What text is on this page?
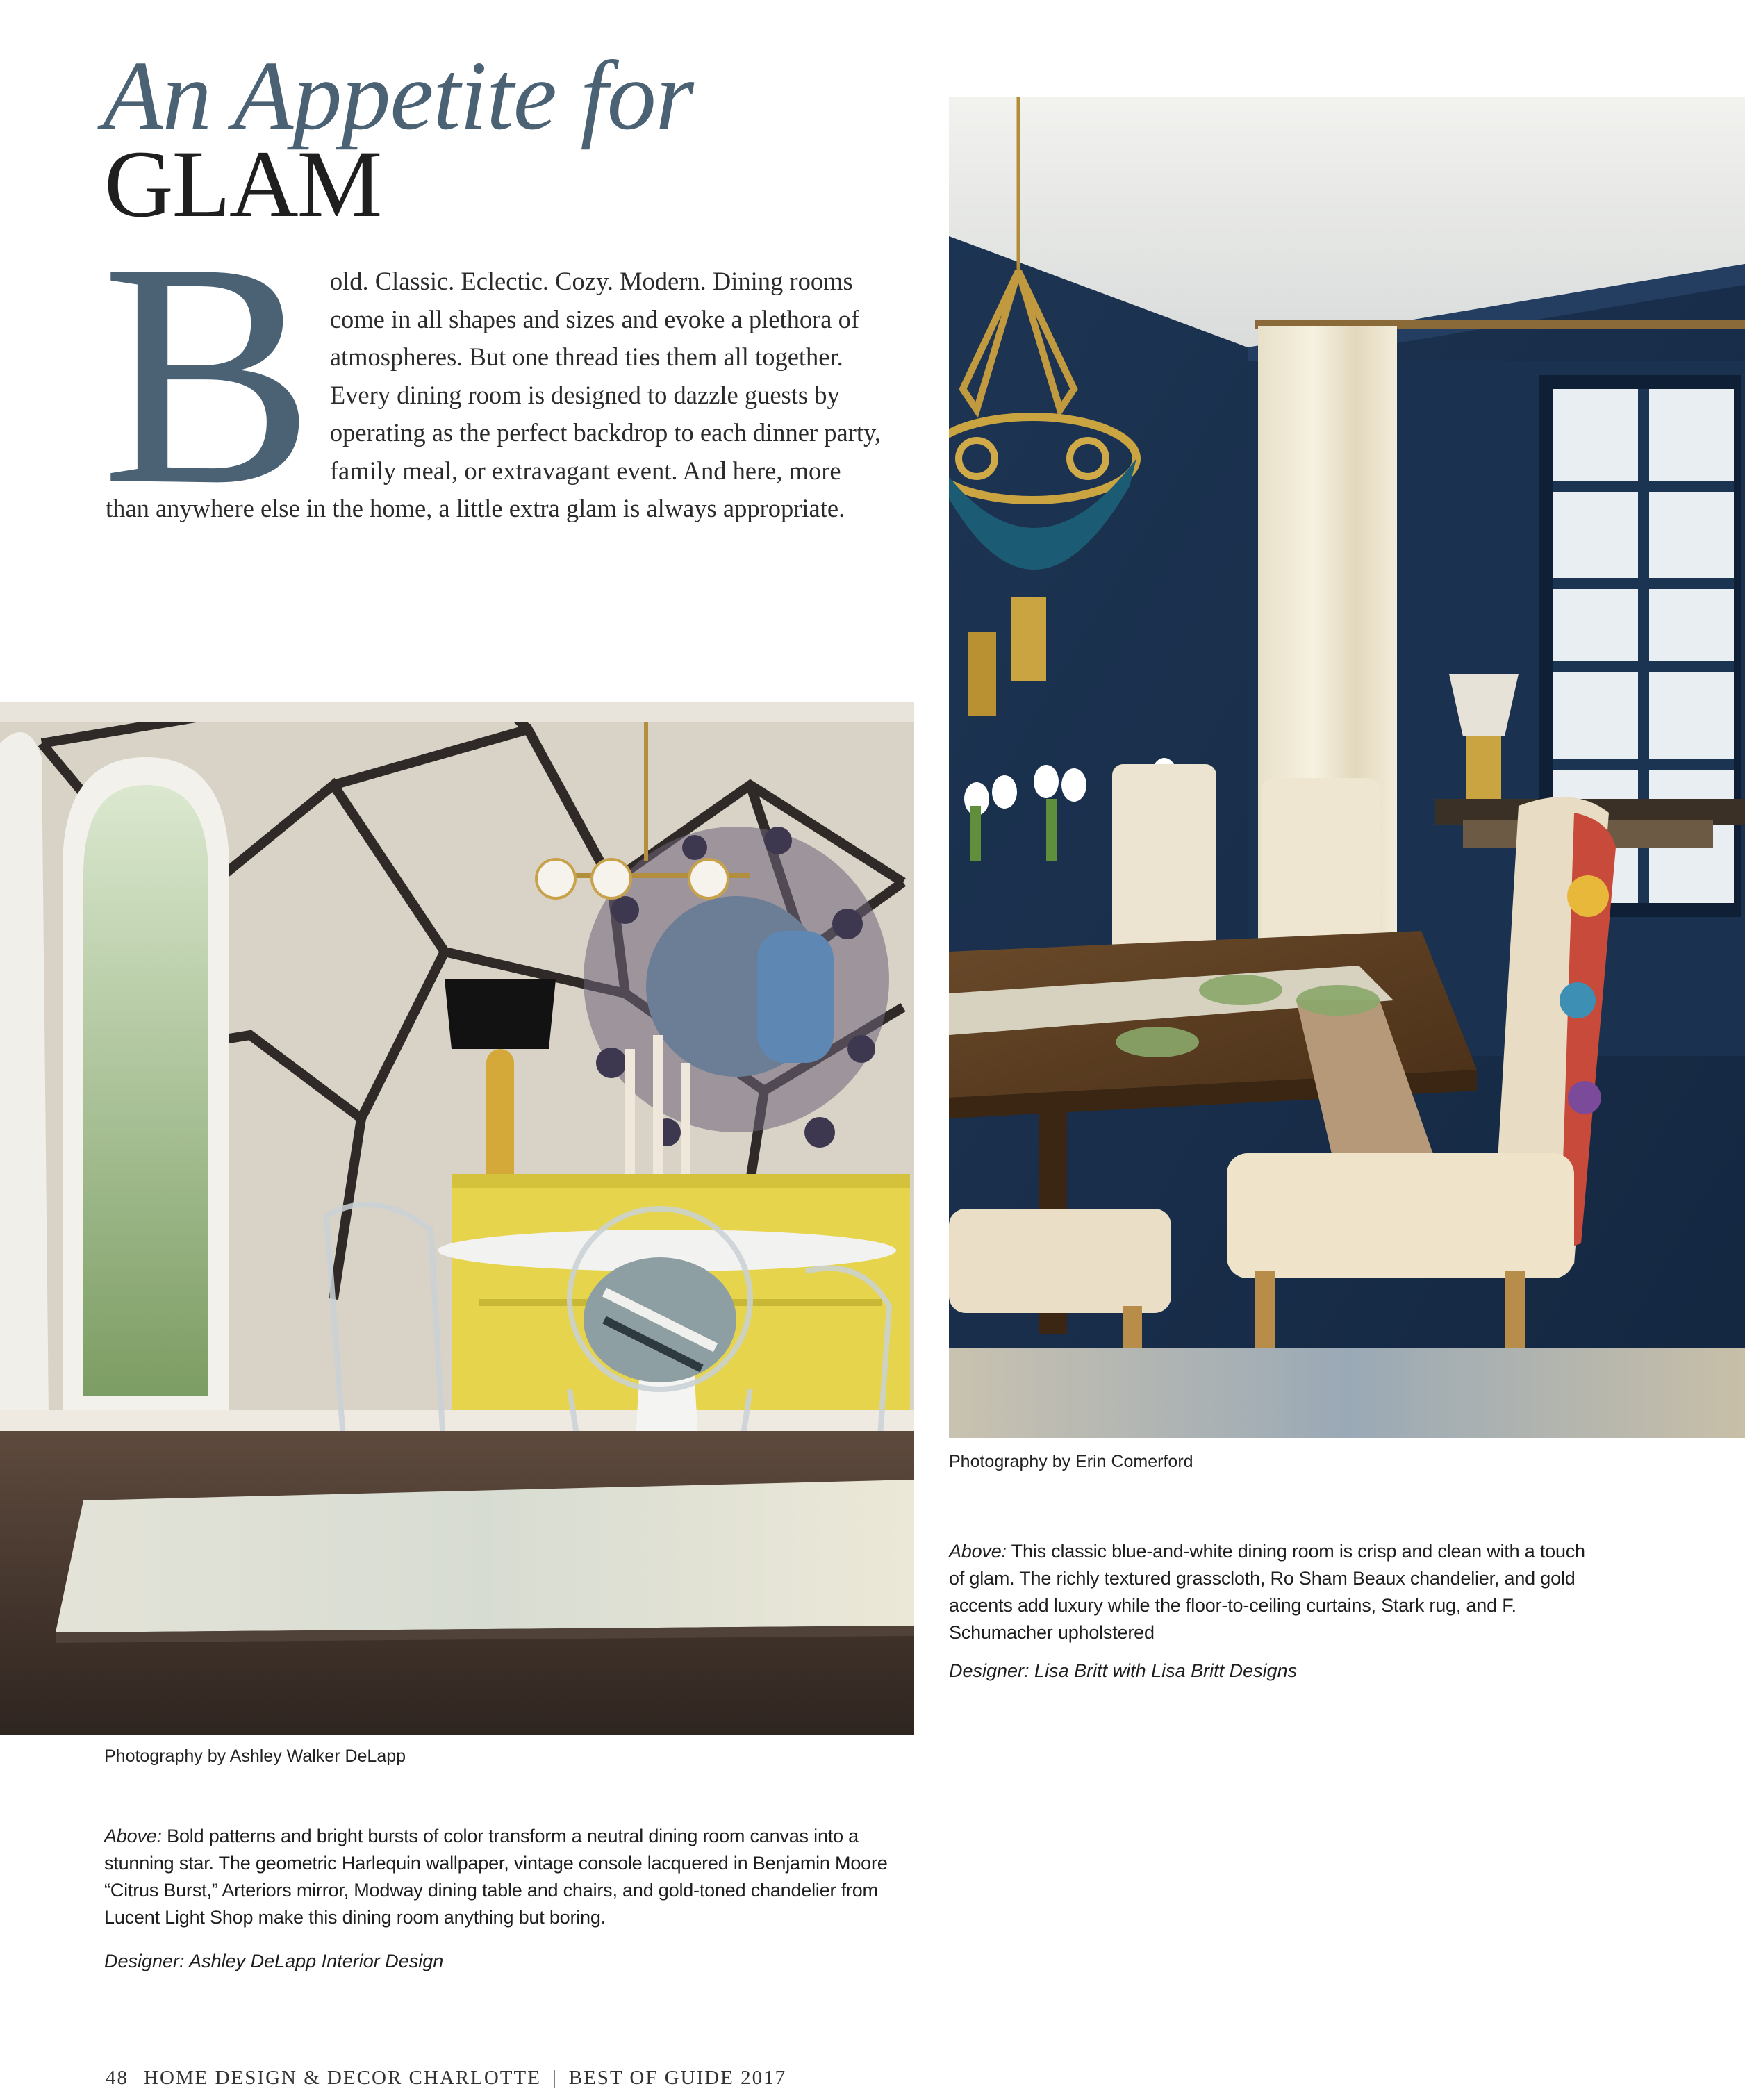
An Appetite for
GLAM
B old. Classic. Eclectic. Cozy. Modern. Dining rooms come in all shapes and sizes and evoke a plethora of atmospheres. But one thread ties them all together. Every dining room is designed to dazzle guests by operating as the perfect backdrop to each dinner party, family meal, or extravagant event. And here, more than anywhere else in the home, a little extra glam is always appropriate.
Photography by Erin Comerford
Above: This classic blue-and-white dining room is crisp and clean with a touch of glam. The richly textured grasscloth, Ro Sham Beaux chandelier, and gold accents add luxury while the floor-to-ceiling curtains, Stark rug, and F. Schumacher upholstered
Designer: Lisa Britt with Lisa Britt Designs
Photography by Ashley Walker DeLapp
Above: Bold patterns and bright bursts of color transform a neutral dining room canvas into a stunning star. The geometric Harlequin wallpaper, vintage console lacquered in Benjamin Moore “Citrus Burst,” Arteriors mirror, Modway dining table and chairs, and gold-toned chandelier from Lucent Light Shop make this dining room anything but boring.
Designer: Ashley DeLapp Interior Design
48 HOME DESIGN & DECOR CHARLOTTE | BEST OF GUIDE 2017
